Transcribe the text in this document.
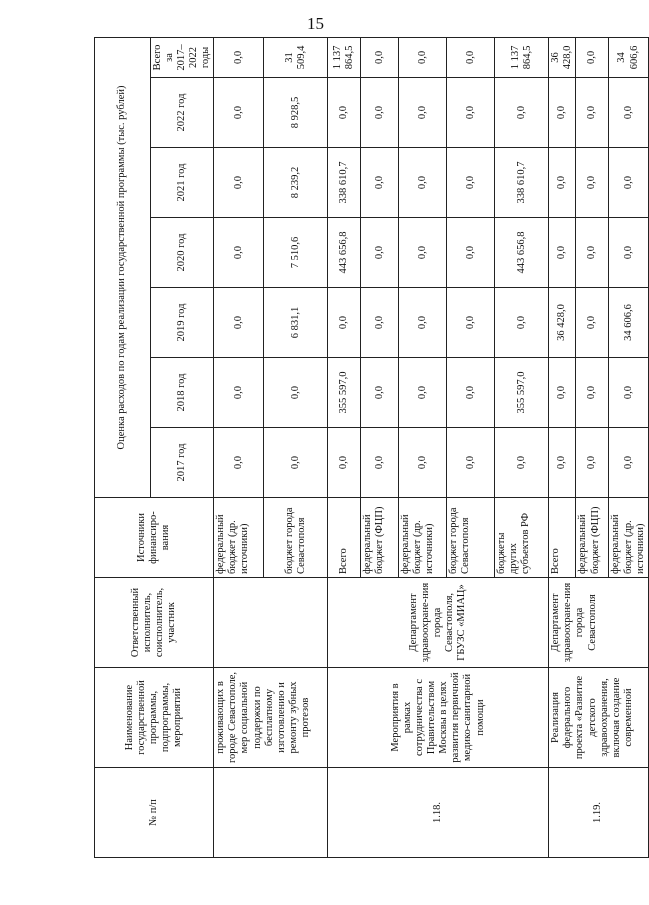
15
№ п/п	Наименование государственной программы, подпрограммы, мероприятий	Ответственный исполнитель, соисполнитель, участник	Источники финансиро-вания	Оценка расходов по годам реализации государственной программы (тыс. рублей)						
				2017 год	2018 год	2019 год	2020 год	2021 год	2022 год	Всего за 2017–2022 годы
	проживающих в городе Севастополе, мер социальной поддержки по бесплатному изготовлению и ремонту зубных протезов		федеральный бюджет (др. источники)	0,0	0,0	0,0	0,0	0,0	0,0	0,0
			бюджет города Севастополя	0,0	0,0	6 831,1	7 510,6	8 239,2	8 928,5	31 509,4
1.18.	Мероприятия в рамках сотрудничества с Правительством Москвы в целях развития первичной медико-санитарной помощи	Департамент здравоохране-ния города Севастополя, ГБУЗС «МИАЦ»	Всего	0,0	355 597,0	0,0	443 656,8	338 610,7	0,0	1 137 864,5
			федеральный бюджет (ФЦП)	0,0	0,0	0,0	0,0	0,0	0,0	0,0
			федеральный бюджет (др. источники)	0,0	0,0	0,0	0,0	0,0	0,0	0,0
			бюджет города Севастополя	0,0	0,0	0,0	0,0	0,0	0,0	0,0
			бюджеты других субъектов РФ	0,0	355 597,0	0,0	443 656,8	338 610,7	0,0	1 137 864,5
1.19.	Реализация федерального проекта «Развитие детского здравоохранения, включая создание современной	Департамент здравоохране-ния города Севастополя	Всего	0,0	0,0	36 428,0	0,0	0,0	0,0	36 428,0
			федеральный бюджет (ФЦП)	0,0	0,0	0,0	0,0	0,0	0,0	0,0
			федеральный бюджет (др. источники)	0,0	0,0	34 606,6	0,0	0,0	0,0	34 606,6
